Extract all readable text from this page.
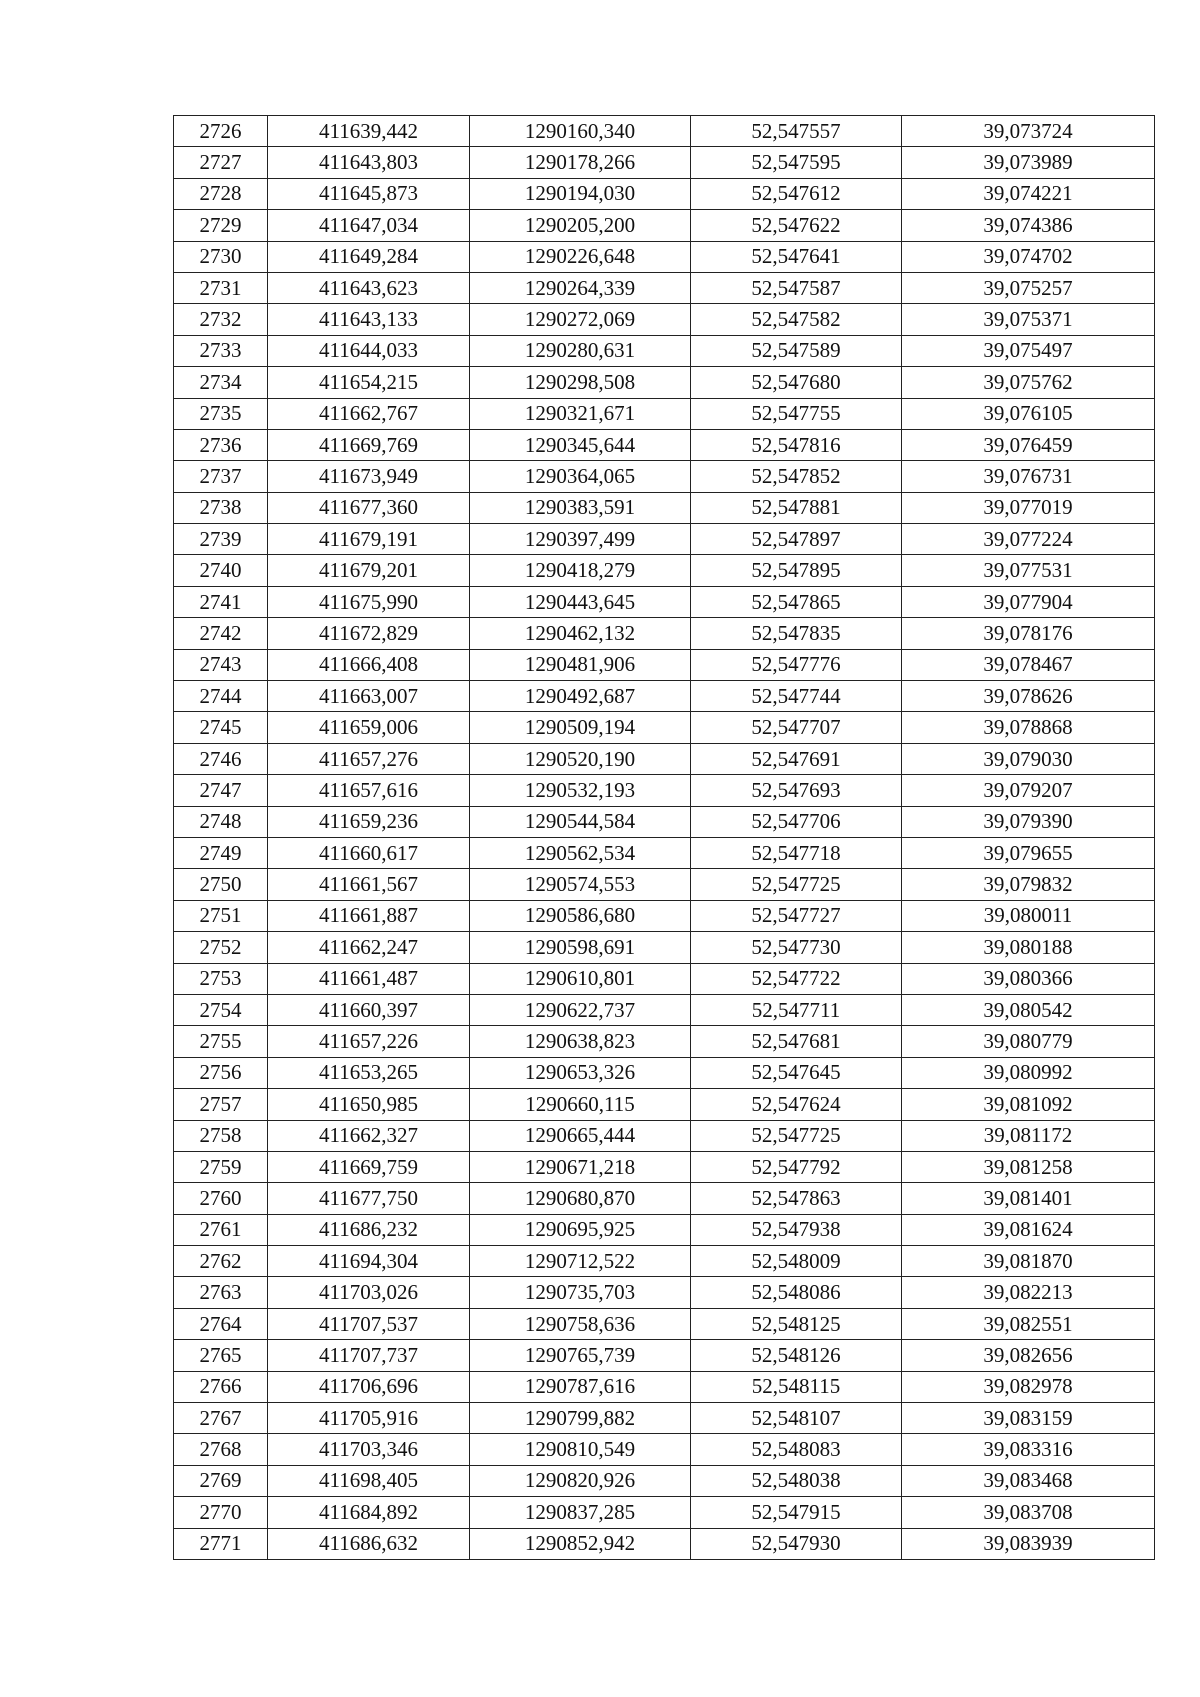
2726	411639,442	1290160,340	52,547557	39,073724
2727	411643,803	1290178,266	52,547595	39,073989
2728	411645,873	1290194,030	52,547612	39,074221
2729	411647,034	1290205,200	52,547622	39,074386
2730	411649,284	1290226,648	52,547641	39,074702
2731	411643,623	1290264,339	52,547587	39,075257
2732	411643,133	1290272,069	52,547582	39,075371
2733	411644,033	1290280,631	52,547589	39,075497
2734	411654,215	1290298,508	52,547680	39,075762
2735	411662,767	1290321,671	52,547755	39,076105
2736	411669,769	1290345,644	52,547816	39,076459
2737	411673,949	1290364,065	52,547852	39,076731
2738	411677,360	1290383,591	52,547881	39,077019
2739	411679,191	1290397,499	52,547897	39,077224
2740	411679,201	1290418,279	52,547895	39,077531
2741	411675,990	1290443,645	52,547865	39,077904
2742	411672,829	1290462,132	52,547835	39,078176
2743	411666,408	1290481,906	52,547776	39,078467
2744	411663,007	1290492,687	52,547744	39,078626
2745	411659,006	1290509,194	52,547707	39,078868
2746	411657,276	1290520,190	52,547691	39,079030
2747	411657,616	1290532,193	52,547693	39,079207
2748	411659,236	1290544,584	52,547706	39,079390
2749	411660,617	1290562,534	52,547718	39,079655
2750	411661,567	1290574,553	52,547725	39,079832
2751	411661,887	1290586,680	52,547727	39,080011
2752	411662,247	1290598,691	52,547730	39,080188
2753	411661,487	1290610,801	52,547722	39,080366
2754	411660,397	1290622,737	52,547711	39,080542
2755	411657,226	1290638,823	52,547681	39,080779
2756	411653,265	1290653,326	52,547645	39,080992
2757	411650,985	1290660,115	52,547624	39,081092
2758	411662,327	1290665,444	52,547725	39,081172
2759	411669,759	1290671,218	52,547792	39,081258
2760	411677,750	1290680,870	52,547863	39,081401
2761	411686,232	1290695,925	52,547938	39,081624
2762	411694,304	1290712,522	52,548009	39,081870
2763	411703,026	1290735,703	52,548086	39,082213
2764	411707,537	1290758,636	52,548125	39,082551
2765	411707,737	1290765,739	52,548126	39,082656
2766	411706,696	1290787,616	52,548115	39,082978
2767	411705,916	1290799,882	52,548107	39,083159
2768	411703,346	1290810,549	52,548083	39,083316
2769	411698,405	1290820,926	52,548038	39,083468
2770	411684,892	1290837,285	52,547915	39,083708
2771	411686,632	1290852,942	52,547930	39,083939
